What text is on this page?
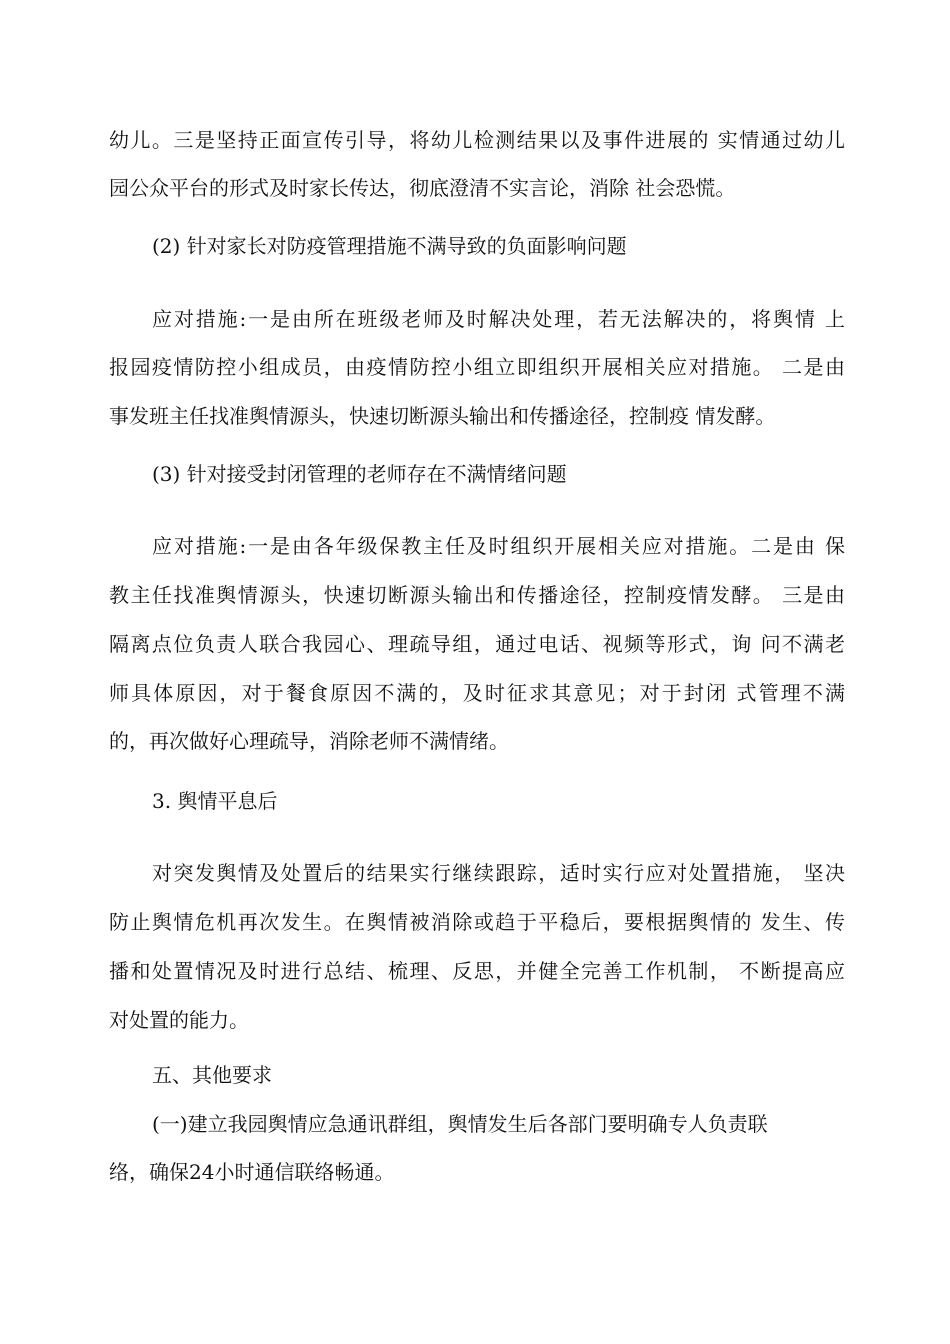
幼儿。三是坚持正面宣传引导，将幼儿检测结果以及事件进展的 实情通过幼儿
园公众平台的形式及时家长传达，彻底澄清不实言论，消除 社会恐慌。
(2) 针对家长对防疫管理措施不满导致的负面影响问题
应对措施:一是由所在班级老师及时解决处理，若无法解决的，将舆情 上
报园疫情防控小组成员，由疫情防控小组立即组织开展相关应对措施。 二是由
事发班主任找准舆情源头，快速切断源头输出和传播途径，控制疫 情发酵。
(3) 针对接受封闭管理的老师存在不满情绪问题
应对措施:一是由各年级保教主任及时组织开展相关应对措施。二是由 保
教主任找准舆情源头，快速切断源头输出和传播途径，控制疫情发酵。 三是由
隔离点位负责人联合我园心、理疏导组，通过电话、视频等形式，询 问不满老
师具体原因，对于餐食原因不满的，及时征求其意见；对于封闭 式管理不满
的，再次做好心理疏导，消除老师不满情绪。
3. 舆情平息后
对突发舆情及处置后的结果实行继续跟踪，适时实行应对处置措施， 坚决
防止舆情危机再次发生。在舆情被消除或趋于平稳后，要根据舆情的 发生、传
播和处置情况及时进行总结、梳理、反思，并健全完善工作机制， 不断提高应
对处置的能力。
五、其他要求
(一)建立我园舆情应急通讯群组，舆情发生后各部门要明确专人负责联
络，确保24小时通信联络畅通。
